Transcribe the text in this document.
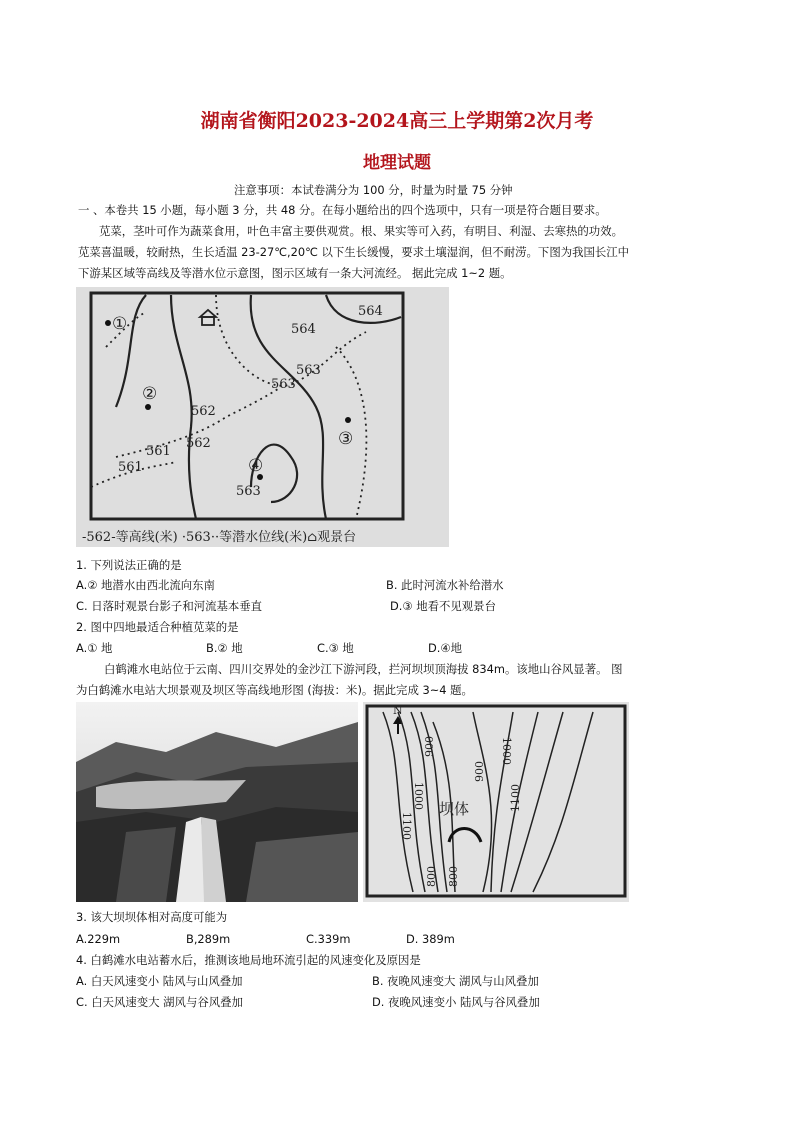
湖南省衡阳2023-2024高三上学期第2次月考
地理试题
注意事项：本试卷满分为 100 分，时量为时量 75 分钟
一 、本卷共 15 小题，每小题 3 分，共 48 分。在每小题给出的四个选项中，只有一项是符合题目要求。
苋菜，茎叶可作为蔬菜食用，叶色丰富主要供观赏。根、果实等可入药，有明目、利湿、去寒热的功效。
苋菜喜温暖，较耐热，生长适温 23-27℃,20℃ 以下生长缓慢，要求土壤湿润，但不耐涝。下图为我国长江中
下游某区域等高线及等潜水位示意图，图示区域有一条大河流经。 据此完成 1~2 题。
564
564
563
563
562
562
561
561
563
①
②
③
④
-562-等高线(米) ·563··等潜水位线(米)⌂观景台
1. 下列说法正确的是
A.② 地潜水由西北流向东南	B. 此时河流水补给潜水
C. 日落时观景台影子和河流基本垂直	D.③ 地看不见观景台
2. 图中四地最适合种植苋菜的是
A.① 地	B.② 地	C.③ 地	D.④地
白鹤滩水电站位于云南、四川交界处的金沙江下游河段，拦河坝坝顶海拔 834m。该地山谷风显著。 图
为白鹤滩水电站大坝景观及坝区等高线地形图 (海拔：米)。据此完成 3~4 题。
N
坝体
1000
900
900
1000
1100
1100
800 800
3. 该大坝坝体相对高度可能为
A.229m	B,289m	C.339m	D. 389m
4. 白鹤滩水电站蓄水后，推测该地局地环流引起的风速变化及原因是
A. 白天风速变小 陆风与山风叠加	B. 夜晚风速变大 湖风与山风叠加
C. 白天风速变大 湖风与谷风叠加	D. 夜晚风速变小 陆风与谷风叠加
